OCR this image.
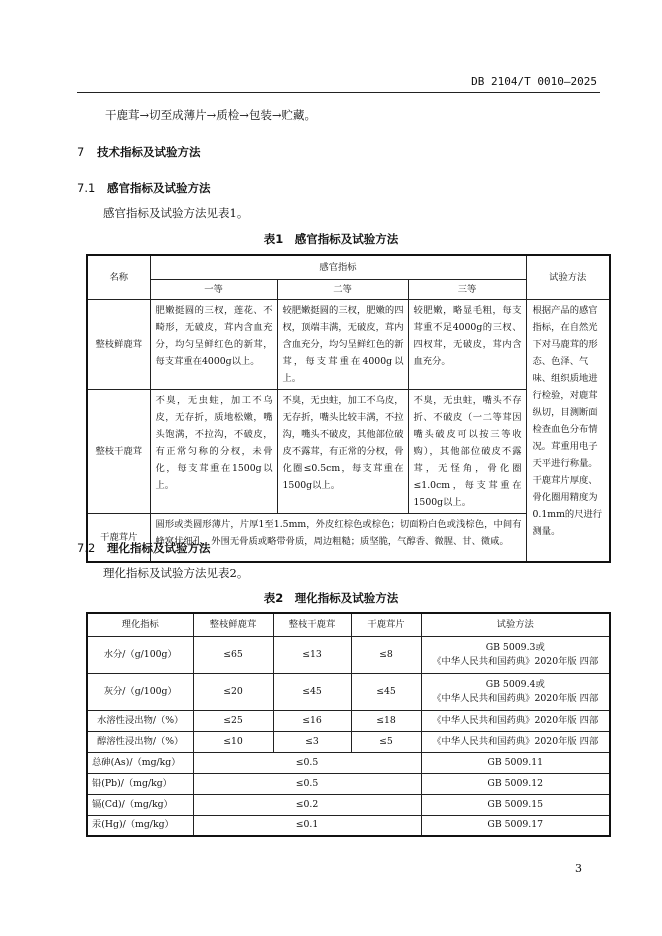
DB 2104/T 0010—2025
干鹿茸→切至成薄片→质检→包装→贮藏。
7 技术指标及试验方法
7.1 感官指标及试验方法
感官指标及试验方法见表1。
表1　感官指标及试验方法
名称	感官指标			试验方法
	一等	二等	三等	
整枝鲜鹿茸	肥嫩挺圆的三杈，莲花、不畸形，无破皮，茸内含血充分，均匀呈鲜红色的新茸，每支茸重在4000g以上。	较肥嫩挺圆的三杈，肥嫩的四杈，顶端丰满，无破皮，茸内含血充分，均匀呈鲜红色的新茸，每支茸重在4000g以上。	较肥嫩，略显毛粗，每支茸重不足4000g的三杈、四杈茸，无破皮，茸内含血充分。	根据产品的感官指标，在自然光下对马鹿茸的形态、色泽、气味、组织质地进行检验，对鹿茸纵切，目测断面检查血色分布情况。茸重用电子天平进行称量。干鹿茸片厚度、骨化圈用精度为0.1mm的尺进行测量。
整枝干鹿茸	不臭，无虫蛀，加工不乌皮，无存折，质地松嫩，嘴头饱满，不拉沟，不破皮，有正常匀称的分杈，未骨化，每支茸重在1500g以上。	不臭，无虫蛀，加工不乌皮，无存折，嘴头比较丰满，不拉沟，嘴头不破皮，其他部位破皮不露茸，有正常的分杈，骨化圈≤0.5cm，每支茸重在1500g以上。	不臭，无虫蛀，嘴头不存折、不破皮（一二等茸因嘴头破皮可以按三等收购），其他部位破皮不露茸，无怪角，骨化圈≤1.0cm，每支茸重在1500g以上。	
干鹿茸片	圆形或类圆形薄片，片厚1至1.5mm，外皮红棕色或棕色；切面粉白色或浅棕色，中间有蜂窝状细孔，外围无骨质或略带骨质，周边粗糙；质坚脆，气醇香、微腥、甘、微咸。			
7.2 理化指标及试验方法
理化指标及试验方法见表2。
表2　理化指标及试验方法
理化指标	整枝鲜鹿茸	整枝干鹿茸	干鹿茸片	试验方法
水分/（g/100g）	≤65	≤13	≤8	GB 5009.3或
《中华人民共和国药典》2020年版 四部

灰分/（g/100g）	≤20	≤45	≤45	GB 5009.4或
《中华人民共和国药典》2020年版 四部

水溶性浸出物/（%）	≤25	≤16	≤18	《中华人民共和国药典》2020年版 四部
醇溶性浸出物/（%）	≤10	≤3	≤5	《中华人民共和国药典》2020年版 四部
总砷(As)/（mg/kg）	≤0.5			GB 5009.11
铅(Pb)/（mg/kg）	≤0.5			GB 5009.12
镉(Cd)/（mg/kg）	≤0.2			GB 5009.15
汞(Hg)/（mg/kg）	≤0.1			GB 5009.17
3
